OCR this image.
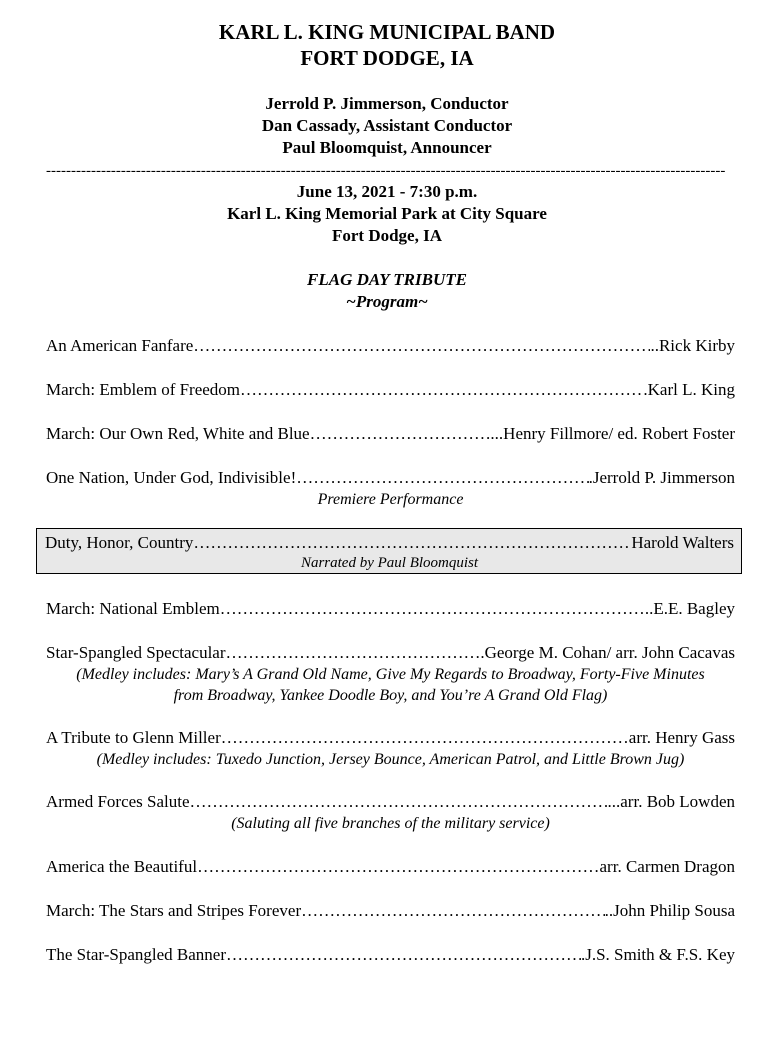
KARL L. KING MUNICIPAL BAND
FORT DODGE, IA
Jerrold P. Jimmerson, Conductor
Dan Cassady, Assistant Conductor
Paul Bloomquist, Announcer
----------------------------------------------------------------------------------------------------------------------------------------
June 13, 2021 - 7:30 p.m.
Karl L. King Memorial Park at City Square
Fort Dodge, IA
FLAG DAY TRIBUTE
~Program~
An American Fanfare …………………………………………………………………………………………………………………………………………	..Rick Kirby
March: Emblem of Freedom …………………………………………………………………………………………………………………………………………	.Karl L. King
March: Our Own Red, White and Blue …………………………………………………………………………………………………………………………………………	...Henry Fillmore/ ed. Robert Foster
One Nation, Under God, Indivisible! …………………………………………………………………………………………………………………………………………	.Jerrold P. Jimmerson
Premiere Performance
Duty, Honor, Country …………………………………………………………………………………………………………………………………………	Harold Walters
Narrated by Paul Bloomquist
March: National Emblem …………………………………………………………………………………………………………………………………………	..E.E. Bagley
Star-Spangled Spectacular …………………………………………………………………………………………………………………………………………	.George M. Cohan/ arr. John Cacavas
(Medley includes: Mary’s A Grand Old Name, Give My Regards to Broadway, Forty-Five Minutes from Broadway, Yankee Doodle Boy, and You’re A Grand Old Flag)
A Tribute to Glenn Miller …………………………………………………………………………………………………………………………………………	arr. Henry Gass
(Medley includes: Tuxedo Junction, Jersey Bounce, American Patrol, and Little Brown Jug)
Armed Forces Salute …………………………………………………………………………………………………………………………………………	...arr. Bob Lowden
(Saluting all five branches of the military service)
America the Beautiful …………………………………………………………………………………………………………………………………………	arr. Carmen Dragon
March: The Stars and Stripes Forever …………………………………………………………………………………………………………………………………………	..John Philip Sousa
The Star-Spangled Banner …………………………………………………………………………………………………………………………………………	.J.S. Smith & F.S. Key
